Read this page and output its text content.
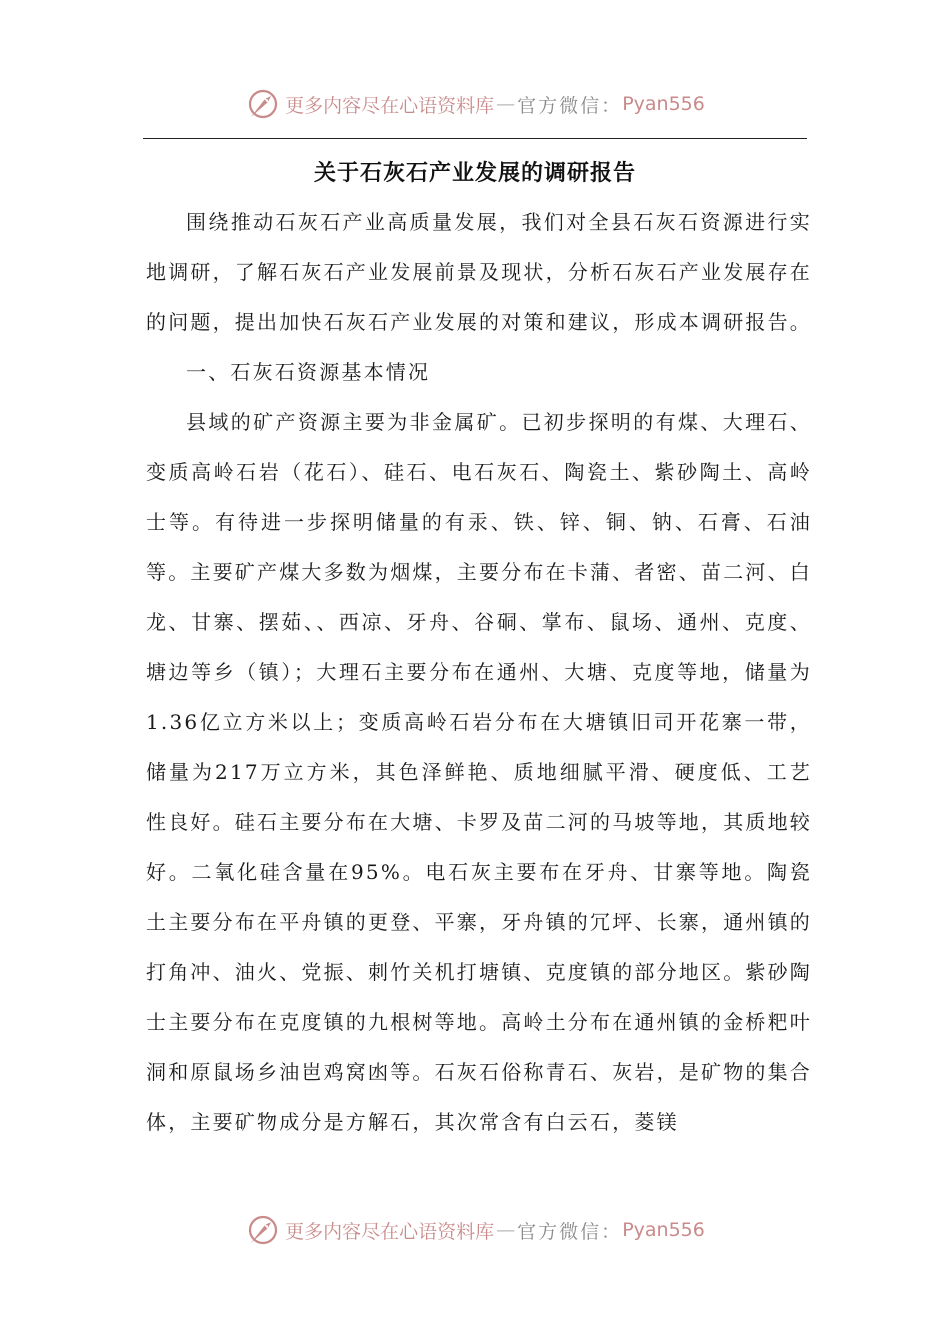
更多内容尽在心语资料库 — 官方微信： Pyan556
关于石灰石产业发展的调研报告

围绕推动石灰石产业高质量发展，我们对全县石灰石资源进行实地调研，了解石灰石产业发展前景及现状，分析石灰石产业发展存在的问题，提出加快石灰石产业发展的对策和建议，形成本调研报告。

一、石灰石资源基本情况

县域的矿产资源主要为非金属矿。已初步探明的有煤、大理石、变质高岭石岩（花石）、硅石、电石灰石、陶瓷土、紫砂陶土、高岭士等。有待进一步探明储量的有汞、铁、锌、铜、钠、石膏、石油等。主要矿产煤大多数为烟煤，主要分布在卡蒲、者密、苗二河、白龙、甘寨、摆茹、、西凉、牙舟、谷硐、掌布、鼠场、通州、克度、塘边等乡（镇）；大理石主要分布在通州、大塘、克度等地，储量为1.36亿立方米以上；变质高岭石岩分布在大塘镇旧司开花寨一带，储量为217万立方米，其色泽鲜艳、质地细腻平滑、硬度低、工艺性良好。硅石主要分布在大塘、卡罗及苗二河的马坡等地，其质地较好。二氧化硅含量在95%。电石灰主要布在牙舟、甘寨等地。陶瓷土主要分布在平舟镇的更登、平寨，牙舟镇的冗坪、长寨，通州镇的打角冲、油火、党振、刺竹关机打塘镇、克度镇的部分地区。紫砂陶士主要分布在克度镇的九根树等地。高岭土分布在通州镇的金桥粑叶洞和原鼠场乡油岜鸡窝凼等。石灰石俗称青石、灰岩，是矿物的集合体，主要矿物成分是方解石，其次常含有白云石，菱镁

更多内容尽在心语资料库 — 官方微信： Pyan556
